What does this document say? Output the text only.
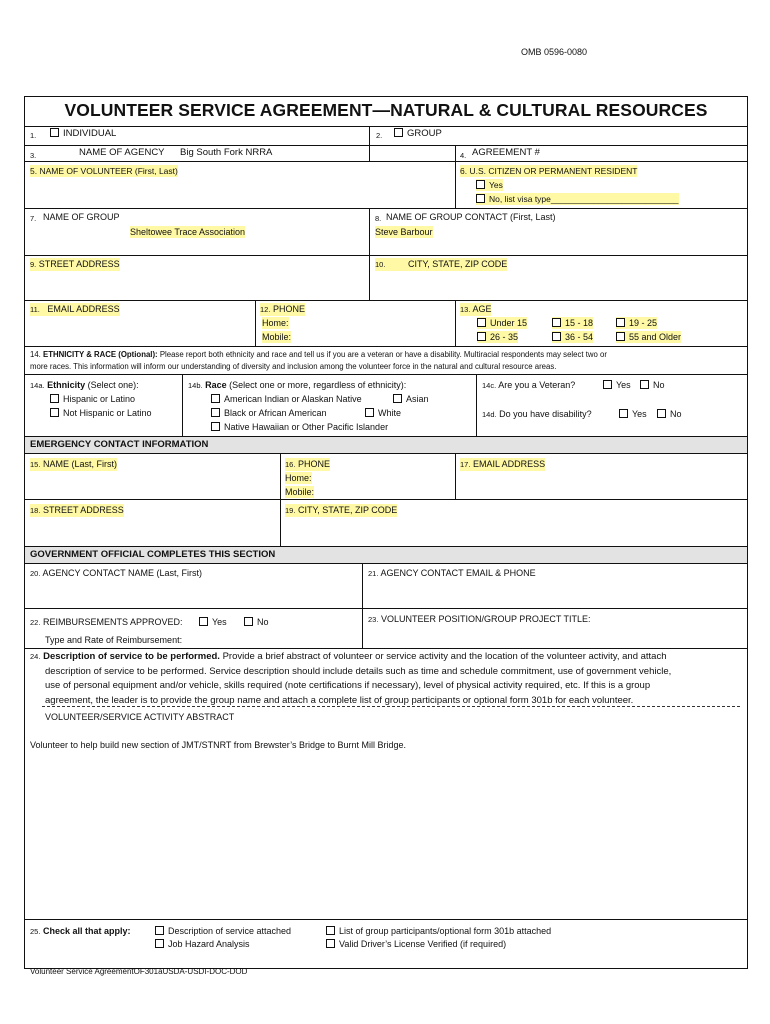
OMB 0596-0080
VOLUNTEER SERVICE AGREEMENT—NATURAL & CULTURAL RESOURCES
1.	INDIVIDUAL	2.	GROUP
3.	NAME OF AGENCY Big South Fork NRRA	4. AGREEMENT #
5. NAME OF VOLUNTEER (First, Last)	6. U.S. CITIZEN OR PERMANENT RESIDENT
Yes
No, list visa type___________________________
7. NAME OF GROUP
Sheltowee Trace Association
8. NAME OF GROUP CONTACT (First, Last)
Steve Barbour
9. STREET ADDRESS	10.	CITY, STATE, ZIP CODE
11. EMAIL ADDRESS	12. PHONE
Home:
Mobile:
13. AGE
Under 15	15 - 18	19 - 25
26 - 35	36 - 54	55 and Older
14. ETHNICITY & RACE (Optional): Please report both ethnicity and race and tell us if you are a veteran or have a disability. Multiracial respondents may select two or
more races. This information will inform our understanding of diversity and inclusion among the volunteer force in the natural and cultural resource areas.
14a. Ethnicity (Select one):
Hispanic or Latino
Not Hispanic or Latino
14b. Race (Select one or more, regardless of ethnicity):
American Indian or Alaskan Native	Asian
Black or African American	White
Native Hawaiian or Other Pacific Islander
14c. Are you a Veteran?	Yes	No
14d. Do you have disability?	Yes	No
EMERGENCY CONTACT INFORMATION
15. NAME (Last, First)	16. PHONE
Home:
Mobile:
17. EMAIL ADDRESS
18. STREET ADDRESS	19. CITY, STATE, ZIP CODE
GOVERNMENT OFFICIAL COMPLETES THIS SECTION
20. AGENCY CONTACT NAME (Last, First)	21. AGENCY CONTACT EMAIL & PHONE
22. REIMBURSEMENTS APPROVED:	Yes	No
Type and Rate of Reimbursement:
23. VOLUNTEER POSITION/GROUP PROJECT TITLE:
24. Description of service to be performed. Provide a brief abstract of volunteer or service activity and the location of the volunteer activity, and attach
description of service to be performed. Service description should include details such as time and schedule commitment, use of government vehicle,
use of personal equipment and/or vehicle, skills required (note certifications if necessary), level of physical activity required, etc. If this is a group
agreement, the leader is to provide the group name and attach a complete list of group participants or optional form 301b for each volunteer.
VOLUNTEER/SERVICE ACTIVITY ABSTRACT
Volunteer to help build new section of JMT/STNRT from Brewster’s Bridge to Burnt Mill Bridge.
25. Check all that apply:	Description of service attached	List of group participants/optional form 301b attached
Job Hazard Analysis	Valid Driver’s License Verified (if required)
Volunteer Service AgreementOF301aUSDA-USDI-DOC-DOD
